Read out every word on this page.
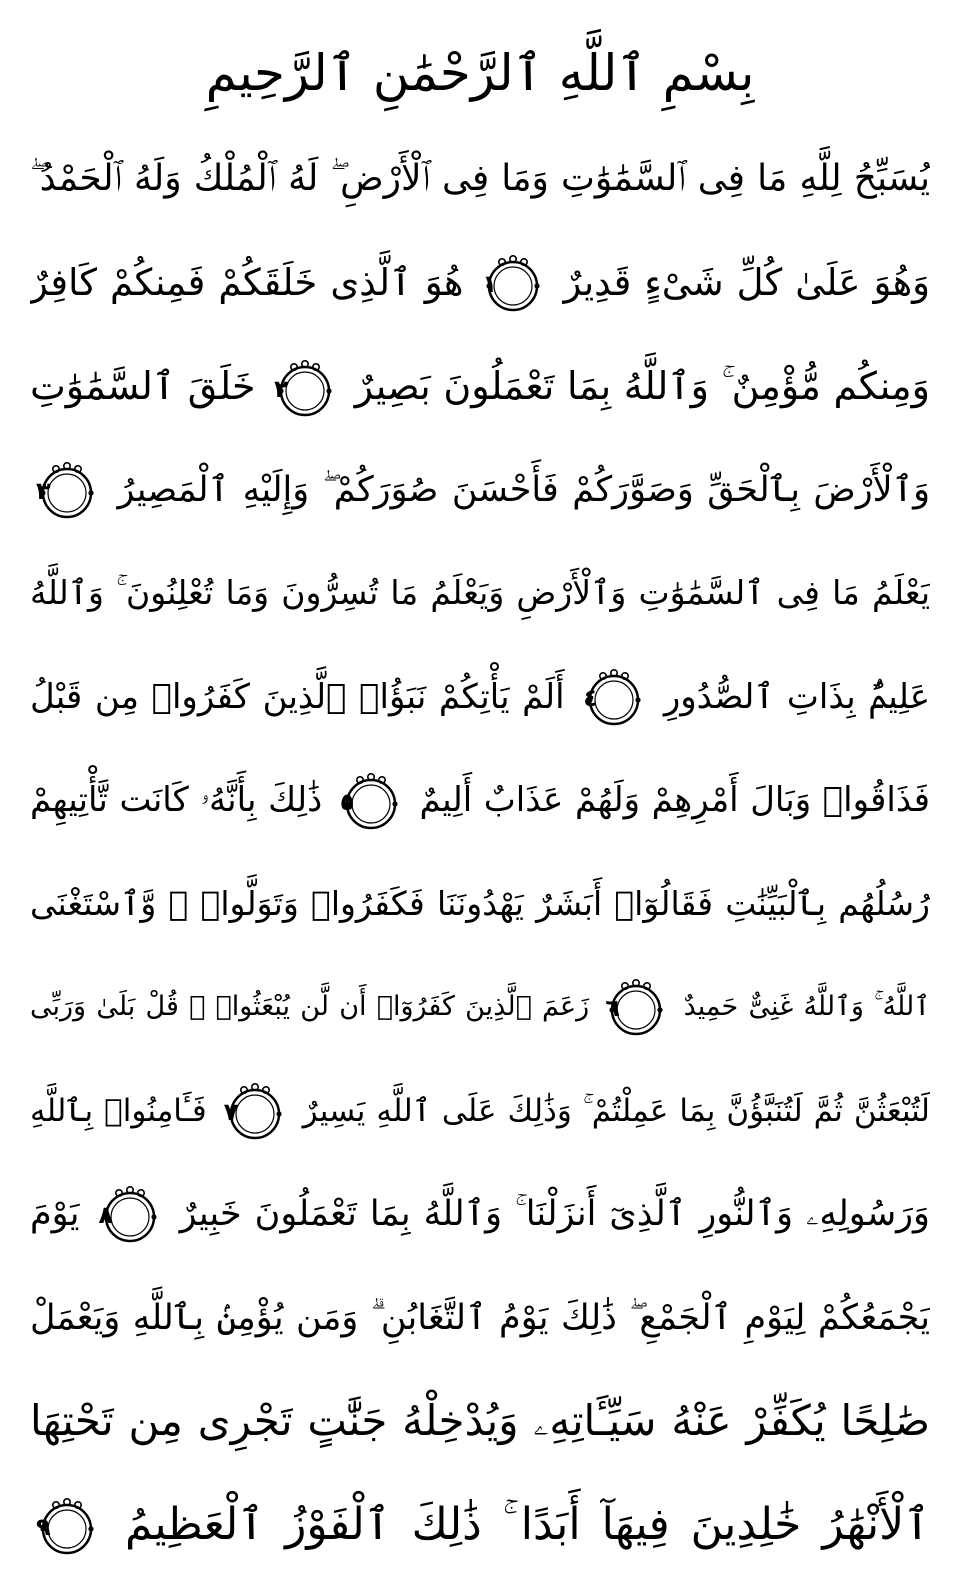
بِسْمِ ٱللَّهِ ٱلرَّحْمَٰنِ ٱلرَّحِيمِ
يُسَبِّحُ لِلَّهِ مَا فِى ٱلسَّمَٰوَٰتِ وَمَا فِى ٱلْأَرْضِ ۖ لَهُ ٱلْمُلْكُ وَلَهُ ٱلْحَمْدُ ۖ
وَهُوَ عَلَىٰ كُلِّ شَىْءٍ قَدِيرٌ
١
هُوَ ٱلَّذِى خَلَقَكُمْ فَمِنكُمْ كَافِرٌ
وَمِنكُم مُّؤْمِنٌ ۚ وَٱللَّهُ بِمَا تَعْمَلُونَ بَصِيرٌ
٢
خَلَقَ ٱلسَّمَٰوَٰتِ
وَٱلْأَرْضَ بِٱلْحَقِّ وَصَوَّرَكُمْ فَأَحْسَنَ صُوَرَكُمْ ۖ وَإِلَيْهِ ٱلْمَصِيرُ
٣
يَعْلَمُ مَا فِى ٱلسَّمَٰوَٰتِ وَٱلْأَرْضِ وَيَعْلَمُ مَا تُسِرُّونَ وَمَا تُعْلِنُونَ ۚ وَٱللَّهُ
عَلِيمٌۢ بِذَاتِ ٱلصُّدُورِ
٤
أَلَمْ يَأْتِكُمْ نَبَؤُا۟ ٱلَّذِينَ كَفَرُوا۟ مِن قَبْلُ
فَذَاقُوا۟ وَبَالَ أَمْرِهِمْ وَلَهُمْ عَذَابٌ أَلِيمٌ
٥
ذَٰلِكَ بِأَنَّهُۥ كَانَت تَّأْتِيهِمْ
رُسُلُهُم بِٱلْبَيِّنَٰتِ فَقَالُوٓا۟ أَبَشَرٌ يَهْدُونَنَا فَكَفَرُوا۟ وَتَوَلَّوا۟ ۚ وَّٱسْتَغْنَى
ٱللَّهُ ۚ وَٱللَّهُ غَنِىٌّ حَمِيدٌ
٦
زَعَمَ ٱلَّذِينَ كَفَرُوٓا۟ أَن لَّن يُبْعَثُوا۟ ۚ قُلْ بَلَىٰ وَرَبِّى
لَتُبْعَثُنَّ ثُمَّ لَتُنَبَّؤُنَّ بِمَا عَمِلْتُمْ ۚ وَذَٰلِكَ عَلَى ٱللَّهِ يَسِيرٌ
٧
فَـَٔامِنُوا۟ بِٱللَّهِ
وَرَسُولِهِۦ وَٱلنُّورِ ٱلَّذِىٓ أَنزَلْنَا ۚ وَٱللَّهُ بِمَا تَعْمَلُونَ خَبِيرٌ
٨
يَوْمَ
يَجْمَعُكُمْ لِيَوْمِ ٱلْجَمْعِ ۖ ذَٰلِكَ يَوْمُ ٱلتَّغَابُنِ ۗ وَمَن يُؤْمِنۢ بِٱللَّهِ وَيَعْمَلْ
صَٰلِحًا يُكَفِّرْ عَنْهُ سَيِّـَٔاتِهِۦ وَيُدْخِلْهُ جَنَّٰتٍ تَجْرِى مِن تَحْتِهَا
ٱلْأَنْهَٰرُ خَٰلِدِينَ فِيهَآ أَبَدًا ۚ ذَٰلِكَ ٱلْفَوْزُ ٱلْعَظِيمُ
٩
